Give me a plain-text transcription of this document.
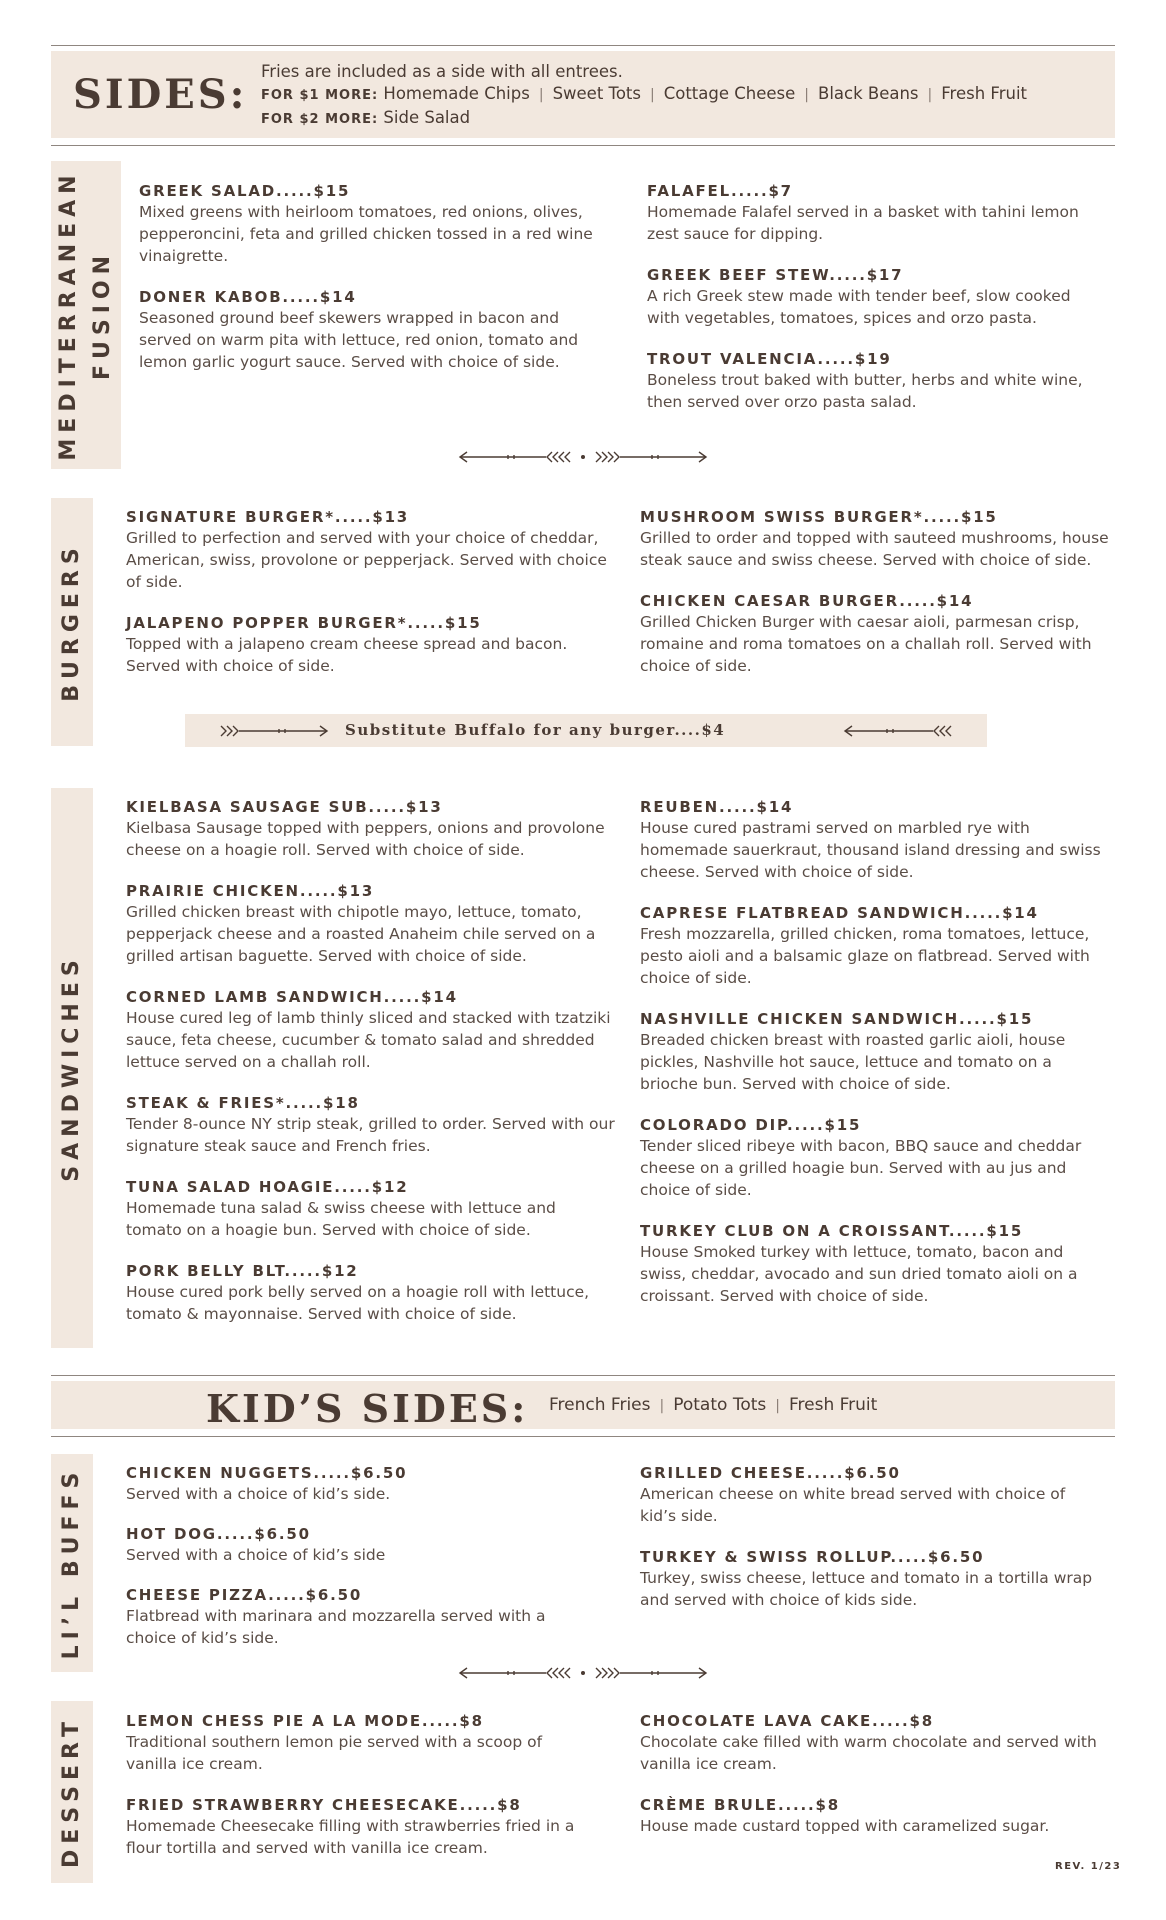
SIDES: Fries are included as a side with all entrees.
FOR $1 MORE: Homemade Chips | Sweet Tots | Cottage Cheese | Black Beans | Fresh Fruit
FOR $2 MORE: Side Salad
MEDITERRANEAN FUSION
GREEK SALAD.....$15
Mixed greens with heirloom tomatoes, red onions, olives, pepperoncini, feta and grilled chicken tossed in a red wine vinaigrette.
DONER KABOB.....$14
Seasoned ground beef skewers wrapped in bacon and served on warm pita with lettuce, red onion, tomato and lemon garlic yogurt sauce. Served with choice of side.
FALAFEL.....$7
Homemade Falafel served in a basket with tahini lemon zest sauce for dipping.
GREEK BEEF STEW.....$17
A rich Greek stew made with tender beef, slow cooked with vegetables, tomatoes, spices and orzo pasta.
TROUT VALENCIA.....$19
Boneless trout baked with butter, herbs and white wine, then served over orzo pasta salad.
BURGERS
SIGNATURE BURGER*.....$13
Grilled to perfection and served with your choice of cheddar, American, swiss, provolone or pepperjack. Served with choice of side.
JALAPENO POPPER BURGER*.....$15
Topped with a jalapeno cream cheese spread and bacon. Served with choice of side.
MUSHROOM SWISS BURGER*.....$15
Grilled to order and topped with sauteed mushrooms, house steak sauce and swiss cheese. Served with choice of side.
CHICKEN CAESAR BURGER.....$14
Grilled Chicken Burger with caesar aioli, parmesan crisp, romaine and roma tomatoes on a challah roll. Served with choice of side.
Substitute Buffalo for any burger....$4
SANDWICHES
KIELBASA SAUSAGE SUB.....$13
Kielbasa Sausage topped with peppers, onions and provolone cheese on a hoagie roll. Served with choice of side.
PRAIRIE CHICKEN.....$13
Grilled chicken breast with chipotle mayo, lettuce, tomato, pepperjack cheese and a roasted Anaheim chile served on a grilled artisan baguette. Served with choice of side.
CORNED LAMB SANDWICH.....$14
House cured leg of lamb thinly sliced and stacked with tzatziki sauce, feta cheese, cucumber & tomato salad and shredded lettuce served on a challah roll.
STEAK & FRIES*.....$18
Tender 8-ounce NY strip steak, grilled to order. Served with our signature steak sauce and French fries.
TUNA SALAD HOAGIE.....$12
Homemade tuna salad & swiss cheese with lettuce and tomato on a hoagie bun. Served with choice of side.
PORK BELLY BLT.....$12
House cured pork belly served on a hoagie roll with lettuce, tomato & mayonnaise. Served with choice of side.
REUBEN.....$14
House cured pastrami served on marbled rye with homemade sauerkraut, thousand island dressing and swiss cheese. Served with choice of side.
CAPRESE FLATBREAD SANDWICH.....$14
Fresh mozzarella, grilled chicken, roma tomatoes, lettuce, pesto aioli and a balsamic glaze on flatbread. Served with choice of side.
NASHVILLE CHICKEN SANDWICH.....$15
Breaded chicken breast with roasted garlic aioli, house pickles, Nashville hot sauce, lettuce and tomato on a brioche bun. Served with choice of side.
COLORADO DIP.....$15
Tender sliced ribeye with bacon, BBQ sauce and cheddar cheese on a grilled hoagie bun. Served with au jus and choice of side.
TURKEY CLUB ON A CROISSANT.....$15
House Smoked turkey with lettuce, tomato, bacon and swiss, cheddar, avocado and sun dried tomato aioli on a croissant. Served with choice of side.
KID’S SIDES: French Fries | Potato Tots | Fresh Fruit
LI’L BUFFS	CHICKEN NUGGETS.....$6.50
Served with a choice of kid’s side.
HOT DOG.....$6.50
Served with a choice of kid’s side
CHEESE PIZZA.....$6.50
Flatbread with marinara and mozzarella served with a choice of kid’s side.
GRILLED CHEESE.....$6.50
American cheese on white bread served with choice of kid’s side.
TURKEY & SWISS ROLLUP.....$6.50
Turkey, swiss cheese, lettuce and tomato in a tortilla wrap and served with choice of kids side.
DESSERT	LEMON CHESS PIE A LA MODE.....$8
Traditional southern lemon pie served with a scoop of vanilla ice cream.
FRIED STRAWBERRY CHEESECAKE.....$8
Homemade Cheesecake filling with strawberries fried in a flour tortilla and served with vanilla ice cream.
CHOCOLATE LAVA CAKE.....$8
Chocolate cake filled with warm chocolate and served with vanilla ice cream.
CRÈME BRULE.....$8
House made custard topped with caramelized sugar.
REV. 1/23
